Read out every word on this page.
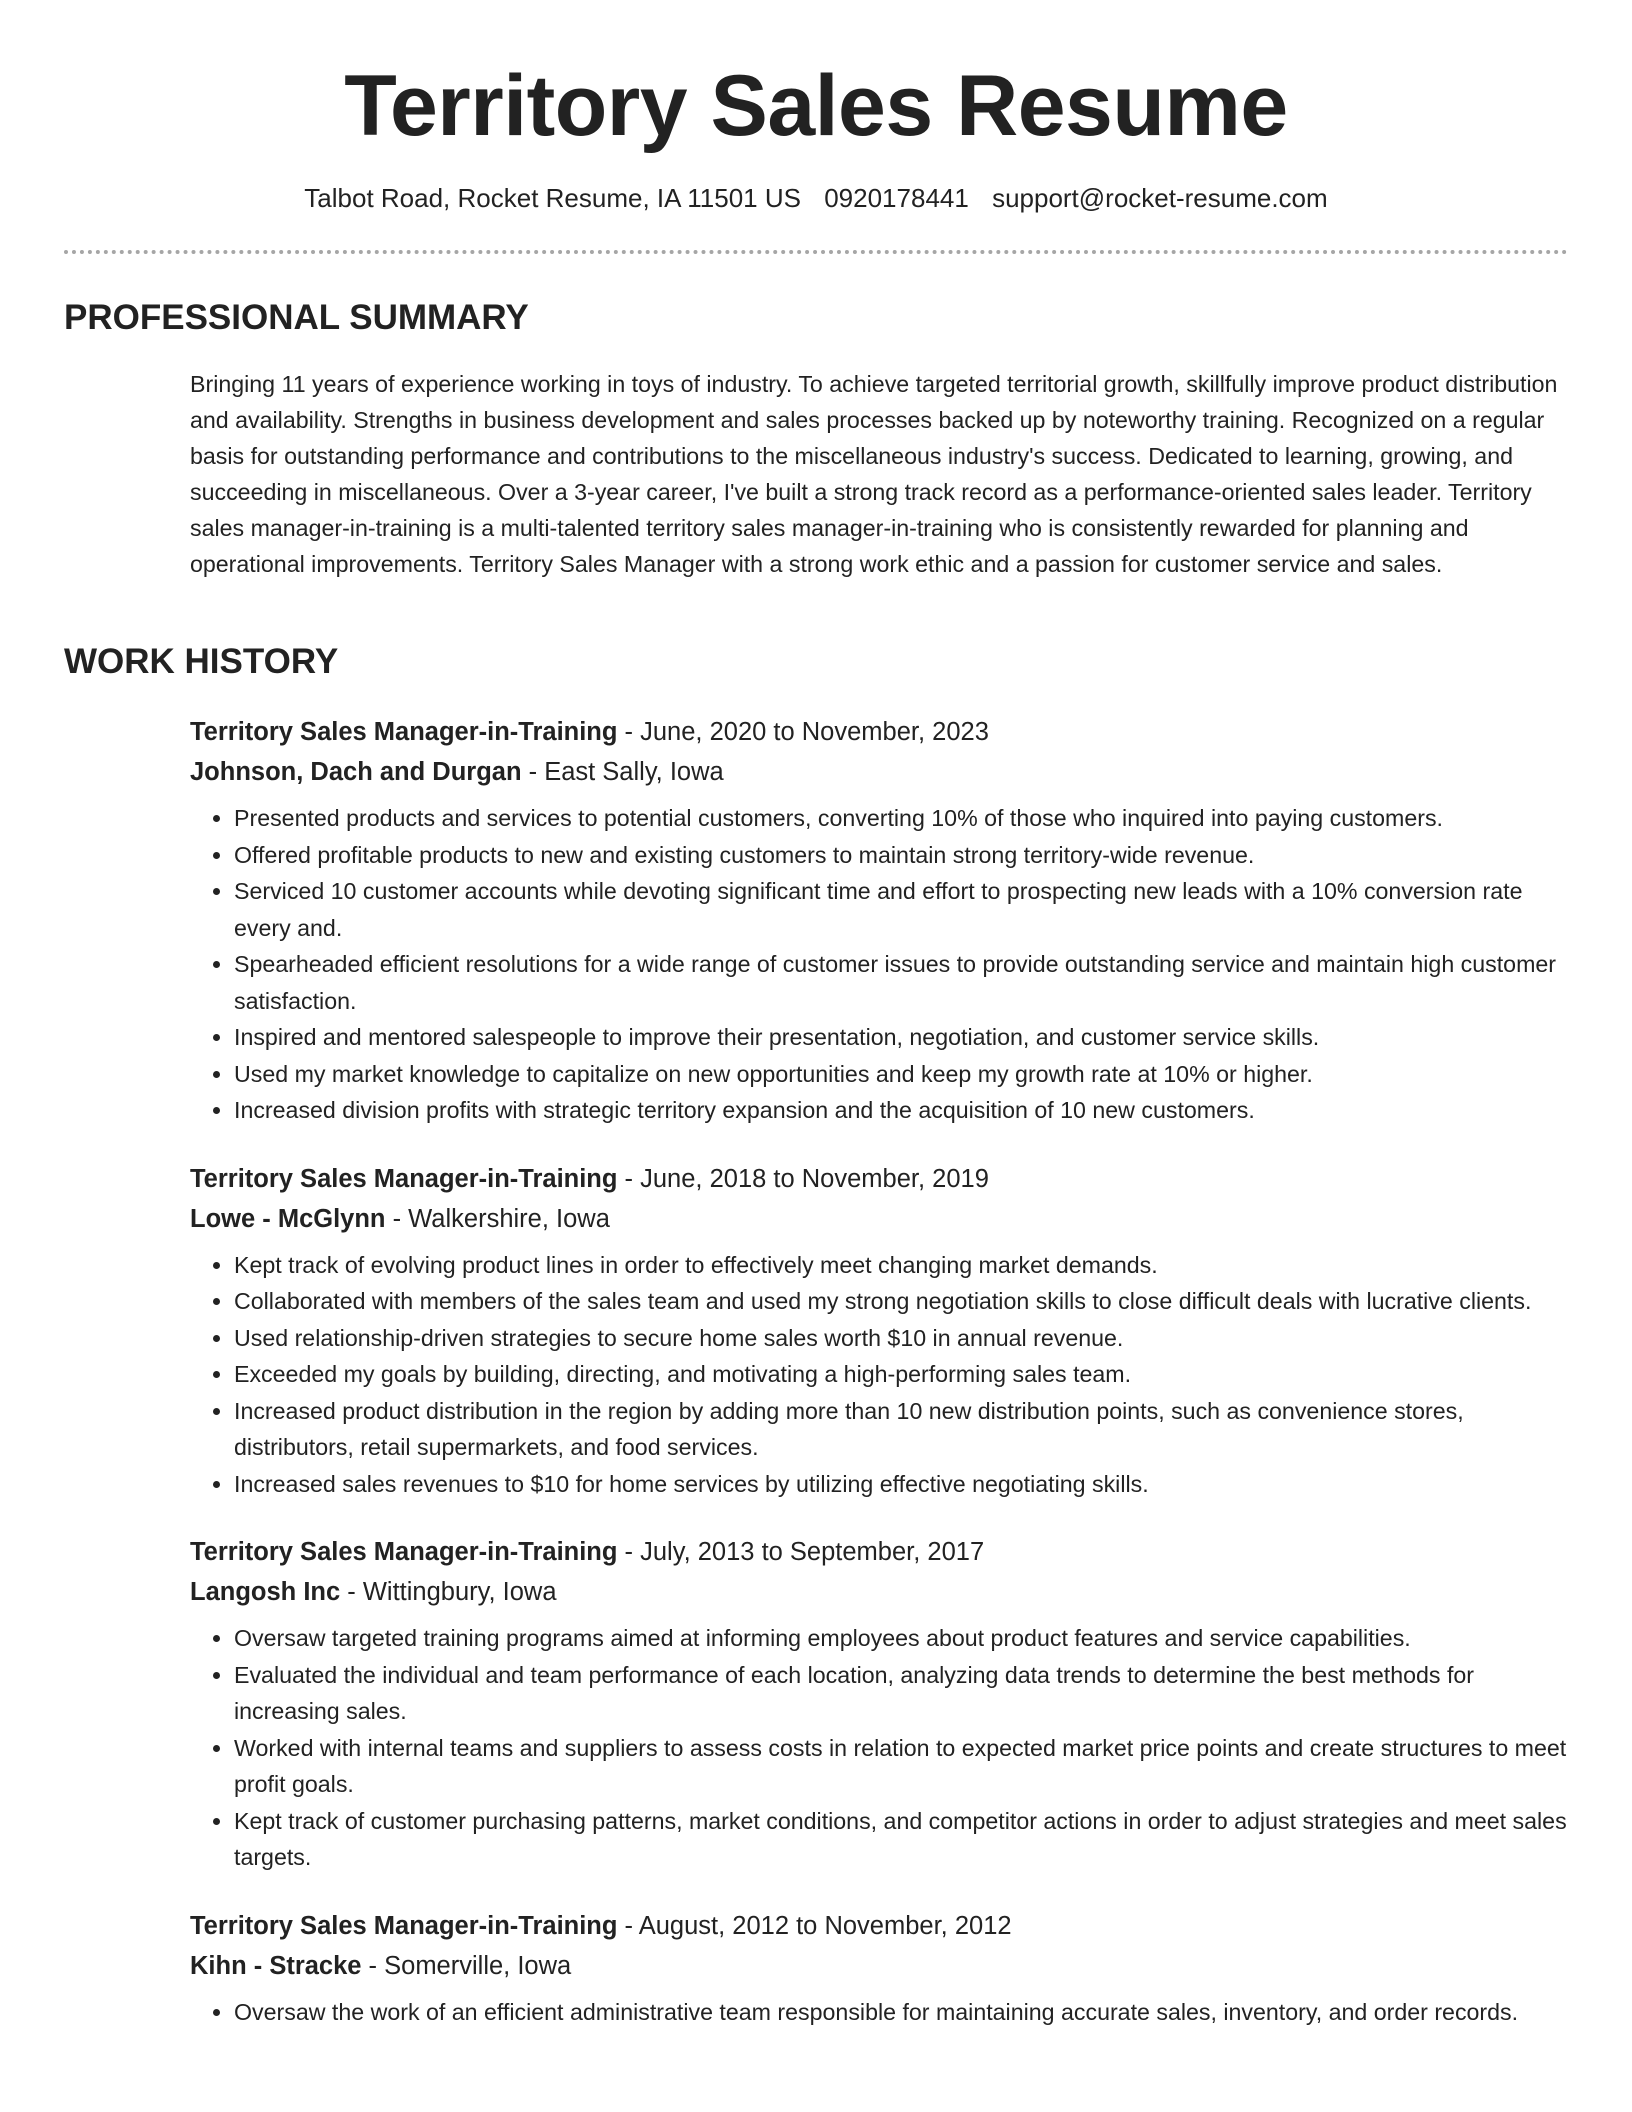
Territory Sales Resume
Talbot Road, Rocket Resume, IA 11501 US 0920178441 support@rocket-resume.com
PROFESSIONAL SUMMARY

Bringing 11 years of experience working in toys of industry. To achieve targeted territorial growth, skillfully improve product distribution and availability. Strengths in business development and sales processes backed up by noteworthy training. Recognized on a regular basis for outstanding performance and contributions to the miscellaneous industry's success. Dedicated to learning, growing, and succeeding in miscellaneous. Over a 3-year career, I've built a strong track record as a performance-oriented sales leader. Territory sales manager-in-training is a multi-talented territory sales manager-in-training who is consistently rewarded for planning and operational improvements. Territory Sales Manager with a strong work ethic and a passion for customer service and sales.

WORK HISTORY

Territory Sales Manager-in-Training - June, 2020 to November, 2023

Johnson, Dach and Durgan - East Sally, Iowa

• Presented products and services to potential customers, converting 10% of those who inquired into paying customers.
• Offered profitable products to new and existing customers to maintain strong territory-wide revenue.
• Serviced 10 customer accounts while devoting significant time and effort to prospecting new leads with a 10% conversion rate every and.
• Spearheaded efficient resolutions for a wide range of customer issues to provide outstanding service and maintain high customer satisfaction.
• Inspired and mentored salespeople to improve their presentation, negotiation, and customer service skills.
• Used my market knowledge to capitalize on new opportunities and keep my growth rate at 10% or higher.
• Increased division profits with strategic territory expansion and the acquisition of 10 new customers.

Territory Sales Manager-in-Training - June, 2018 to November, 2019

Lowe - McGlynn - Walkershire, Iowa

• Kept track of evolving product lines in order to effectively meet changing market demands.
• Collaborated with members of the sales team and used my strong negotiation skills to close difficult deals with lucrative clients.
• Used relationship-driven strategies to secure home sales worth $10 in annual revenue.
• Exceeded my goals by building, directing, and motivating a high-performing sales team.
• Increased product distribution in the region by adding more than 10 new distribution points, such as convenience stores, distributors, retail supermarkets, and food services.
• Increased sales revenues to $10 for home services by utilizing effective negotiating skills.

Territory Sales Manager-in-Training - July, 2013 to September, 2017

Langosh Inc - Wittingbury, Iowa

• Oversaw targeted training programs aimed at informing employees about product features and service capabilities.
• Evaluated the individual and team performance of each location, analyzing data trends to determine the best methods for increasing sales.
• Worked with internal teams and suppliers to assess costs in relation to expected market price points and create structures to meet profit goals.
• Kept track of customer purchasing patterns, market conditions, and competitor actions in order to adjust strategies and meet sales targets.

Territory Sales Manager-in-Training - August, 2012 to November, 2012

Kihn - Stracke - Somerville, Iowa

• Oversaw the work of an efficient administrative team responsible for maintaining accurate sales, inventory, and order records.
